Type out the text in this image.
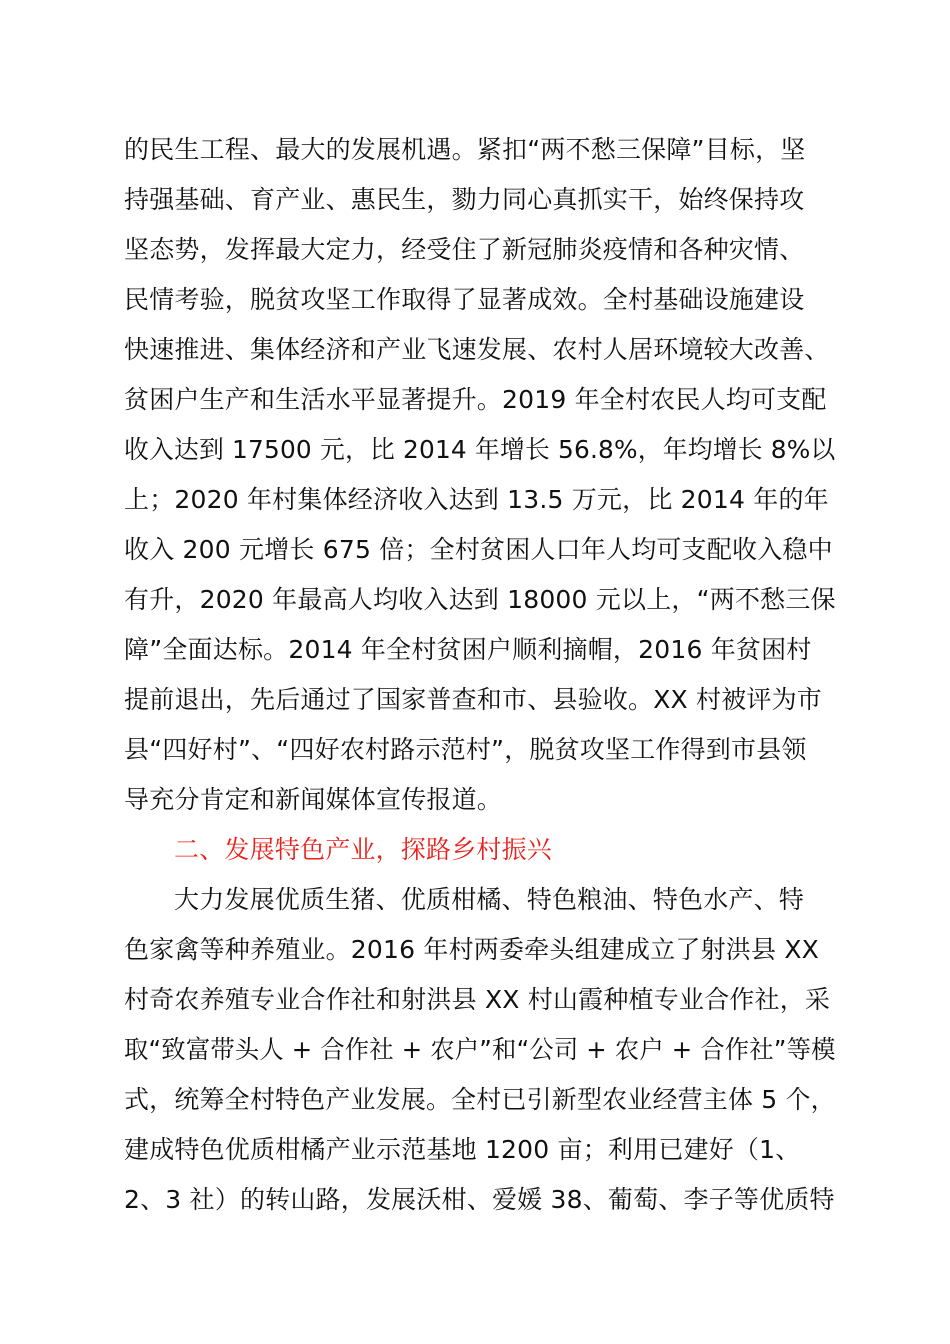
的民生工程、最大的发展机遇。紧扣“两不愁三保障”目标，坚
持强基础、育产业、惠民生，勠力同心真抓实干，始终保持攻
坚态势，发挥最大定力，经受住了新冠肺炎疫情和各种灾情、
民情考验，脱贫攻坚工作取得了显著成效。全村基础设施建设
快速推进、集体经济和产业飞速发展、农村人居环境较大改善、
贫困户生产和生活水平显著提升。2019 年全村农民人均可支配
收入达到 17500 元，比 2014 年增长 56.8%，年均增长 8%以
上；2020 年村集体经济收入达到 13.5 万元，比 2014 年的年
收入 200 元增长 675 倍；全村贫困人口年人均可支配收入稳中
有升，2020 年最高人均收入达到 18000 元以上，“两不愁三保
障”全面达标。2014 年全村贫困户顺利摘帽，2016 年贫困村
提前退出，先后通过了国家普查和市、县验收。XX 村被评为市
县“四好村”、“四好农村路示范村”，脱贫攻坚工作得到市县领
导充分肯定和新闻媒体宣传报道。
二、发展特色产业，探路乡村振兴
大力发展优质生猪、优质柑橘、特色粮油、特色水产、特
色家禽等种养殖业。2016 年村两委牵头组建成立了射洪县 XX
村奇农养殖专业合作社和射洪县 XX 村山霞种植专业合作社，采
取“致富带头人 + 合作社 + 农户”和“公司 + 农户 + 合作社”等模
式，统筹全村特色产业发展。全村已引新型农业经营主体 5 个，
建成特色优质柑橘产业示范基地 1200 亩；利用已建好（1、
2、3 社）的转山路，发展沃柑、爱媛 38、葡萄、李子等优质特
